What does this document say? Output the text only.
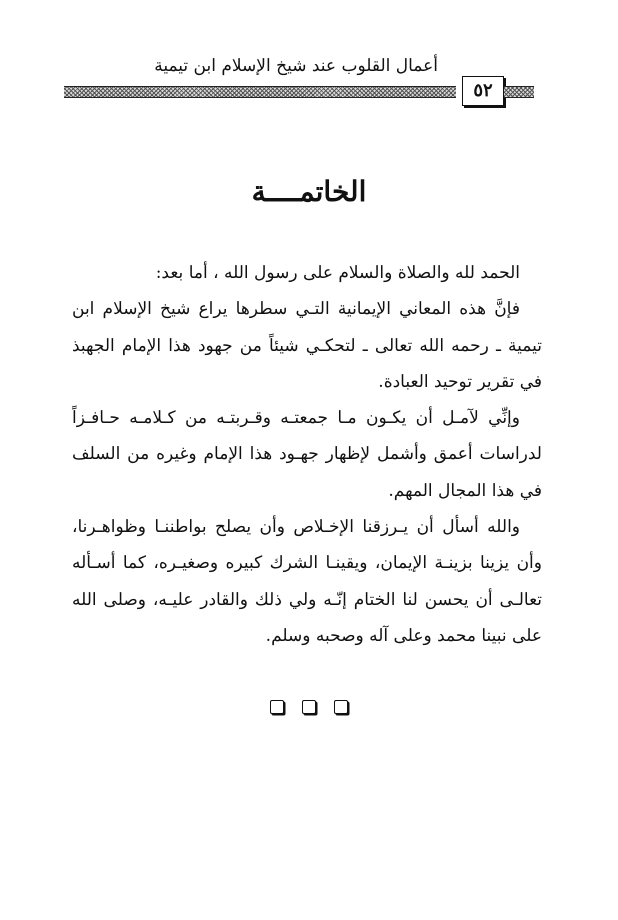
أعمال القلوب عند شيخ الإسلام ابن تيمية
٥٢
الخاتمــــة

الحمد لله والصلاة والسلام على رسول الله ، أما بعد:

فإنَّ هذه المعاني الإيمانية التـي سطرها يراع شيخ الإسلام ابن تيمية ـ رحمه الله تعالى ـ لتحكـي شيئاً من جهود هذا الإمام الجهبذ في تقرير توحيد العبادة.

وإنِّي لآمـل أن يكـون مـا جمعتـه وقـربتـه من كـلامـه حـافـزاً لدراسات أعمق وأشمل لإظهار جهـود هذا الإمام وغيره من السلف في هذا المجال المهم.

والله أسأل أن يـرزقنا الإخـلاص وأن يصلح بواطننـا وظواهـرنا، وأن يزينا بزينـة الإيمان، ويقينـا الشرك كبيره وصغيـره، كما أسـأله تعالـى أن يحسن لنا الختام إنّـه ولي ذلك والقادر عليـه، وصلى الله على نبينا محمد وعلى آله وصحبه وسلم.
